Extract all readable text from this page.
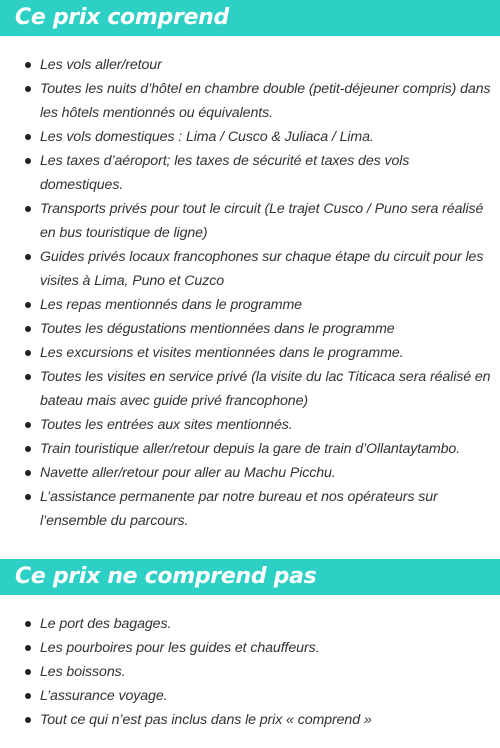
Ce prix comprend
Les vols aller/retour
Toutes les nuits d’hôtel en chambre double (petit-déjeuner compris) dans les hôtels mentionnés ou équivalents.
Les vols domestiques : Lima / Cusco & Juliaca / Lima.
Les taxes d’aéroport; les taxes de sécurité et taxes des vols domestiques.
Transports privés pour tout le circuit (Le trajet Cusco / Puno sera réalisé en bus touristique de ligne)
Guides privés locaux francophones sur chaque étape du circuit pour les visites à Lima, Puno et Cuzco
Les repas mentionnés dans le programme
Toutes les dégustations mentionnées dans le programme
Les excursions et visites mentionnées dans le programme.
Toutes les visites en service privé (la visite du lac Titicaca sera réalisé en bateau mais avec guide privé francophone)
Toutes les entrées aux sites mentionnés.
Train touristique aller/retour depuis la gare de train d’Ollantaytambo.
Navette aller/retour pour aller au Machu Picchu.
L’assistance permanente par notre bureau et nos opérateurs sur l’ensemble du parcours.
Ce prix ne comprend pas
Le port des bagages.
Les pourboires pour les guides et chauffeurs.
Les boissons.
L’assurance voyage.
Tout ce qui n’est pas inclus dans le prix « comprend »
